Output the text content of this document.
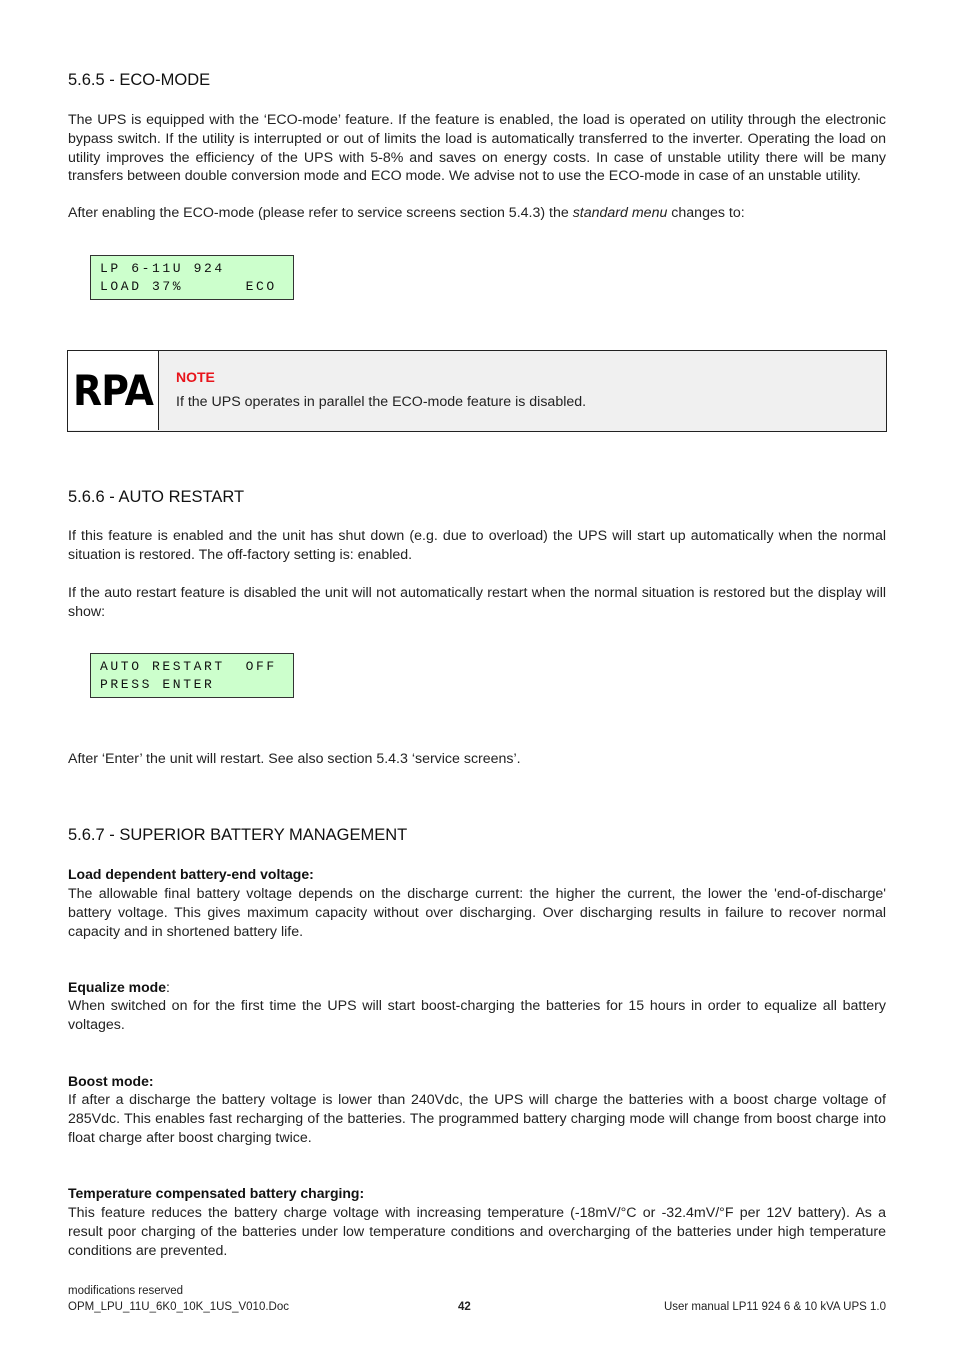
5.6.5 - ECO-MODE

The UPS is equipped with the ‘ECO-mode’ feature. If the feature is enabled, the load is operated on utility through the electronic bypass switch. If the utility is interrupted or out of limits the load is automatically transferred to the inverter. Operating the load on utility improves the efficiency of the UPS with 5-8% and saves on energy costs. In case of unstable utility there will be many transfers between double conversion mode and ECO mode. We advise not to use the ECO-mode in case of an unstable utility.

After enabling the ECO-mode (please refer to service screens section 5.4.3) the standard menu changes to:

LP 6-11U 924
LOAD 37%      ECO
RPA	NOTE
If the UPS operates in parallel the ECO-mode feature is disabled.
5.6.6 - AUTO RESTART

If this feature is enabled and the unit has shut down (e.g. due to overload) the UPS will start up automatically when the normal situation is restored. The off-factory setting is: enabled.

If the auto restart feature is disabled the unit will not automatically restart when the normal situation is restored but the display will show:

AUTO RESTART  OFF
PRESS ENTER

After ‘Enter’ the unit will restart. See also section 5.4.3 ‘service screens’.

5.6.7 - SUPERIOR BATTERY MANAGEMENT
Load dependent battery-end voltage:

The allowable final battery voltage depends on the discharge current: the higher the current, the lower the 'end-of-discharge' battery voltage. This gives maximum capacity without over discharging. Over discharging results in failure to recover normal capacity and in shortened battery life.

Equalize mode:

When switched on for the first time the UPS will start boost-charging the batteries for 15 hours in order to equalize all battery voltages.

Boost mode:

If after a discharge the battery voltage is lower than 240Vdc, the UPS will charge the batteries with a boost charge voltage of 285Vdc. This enables fast recharging of the batteries. The programmed battery charging mode will change from boost charge into float charge after boost charging twice.

Temperature compensated battery charging:

This feature reduces the battery charge voltage with increasing temperature (-18mV/°C or -32.4mV/°F per 12V battery). As a result poor charging of the batteries under low temperature conditions and overcharging of the batteries under high temperature conditions are prevented.

modifications reserved
OPM_LPU_11U_6K0_10K_1US_V010.Doc	42	User manual LP11 924 6 & 10 kVA UPS 1.0
